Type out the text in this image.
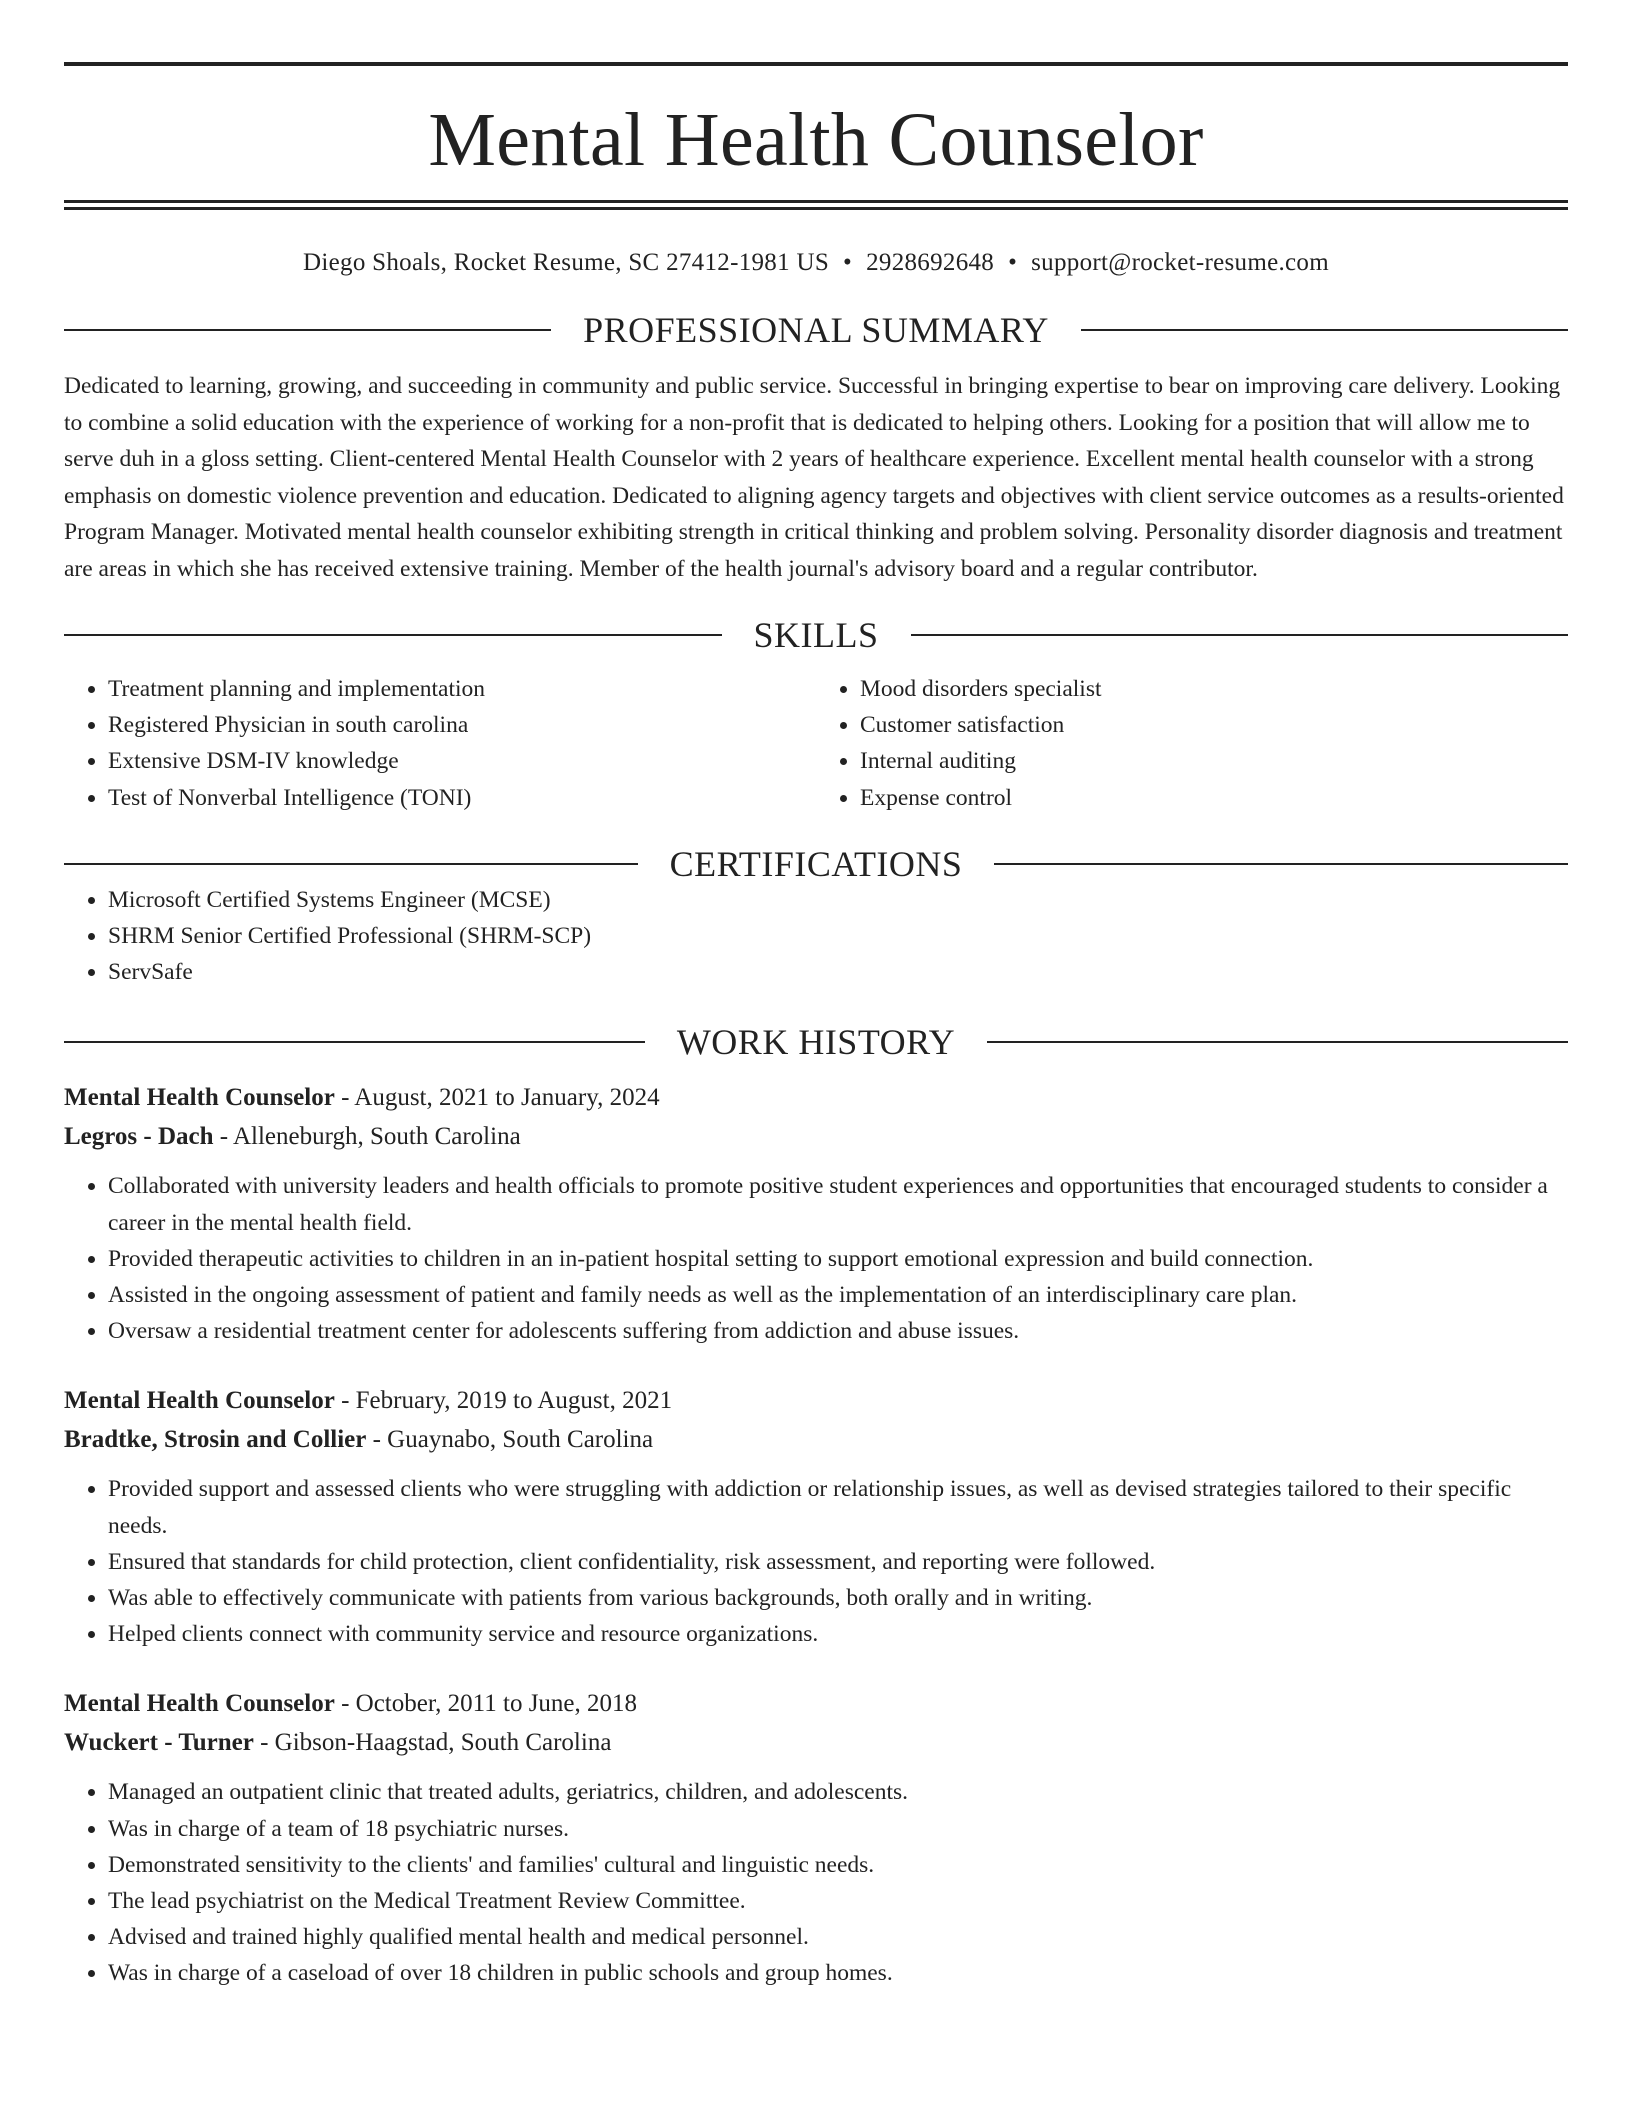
Mental Health Counselor
Diego Shoals, Rocket Resume, SC 27412-1981 US • 2928692648 • support@rocket-resume.com
PROFESSIONAL SUMMARY
Dedicated to learning, growing, and succeeding in community and public service. Successful in bringing expertise to bear on improving care delivery. Looking to combine a solid education with the experience of working for a non-profit that is dedicated to helping others. Looking for a position that will allow me to serve duh in a gloss setting. Client-centered Mental Health Counselor with 2 years of healthcare experience. Excellent mental health counselor with a strong emphasis on domestic violence prevention and education. Dedicated to aligning agency targets and objectives with client service outcomes as a results-oriented Program Manager. Motivated mental health counselor exhibiting strength in critical thinking and problem solving. Personality disorder diagnosis and treatment are areas in which she has received extensive training. Member of the health journal's advisory board and a regular contributor.
SKILLS
• Treatment planning and implementation
• Registered Physician in south carolina
• Extensive DSM-IV knowledge
• Test of Nonverbal Intelligence (TONI)
• Mood disorders specialist
• Customer satisfaction
• Internal auditing
• Expense control
CERTIFICATIONS
• Microsoft Certified Systems Engineer (MCSE)
• SHRM Senior Certified Professional (SHRM-SCP)
• ServSafe
WORK HISTORY
Mental Health Counselor - August, 2021 to January, 2024
Legros - Dach - Alleneburgh, South Carolina
• Collaborated with university leaders and health officials to promote positive student experiences and opportunities that encouraged students to consider a career in the mental health field.
• Provided therapeutic activities to children in an in-patient hospital setting to support emotional expression and build connection.
• Assisted in the ongoing assessment of patient and family needs as well as the implementation of an interdisciplinary care plan.
• Oversaw a residential treatment center for adolescents suffering from addiction and abuse issues.
Mental Health Counselor - February, 2019 to August, 2021
Bradtke, Strosin and Collier - Guaynabo, South Carolina
• Provided support and assessed clients who were struggling with addiction or relationship issues, as well as devised strategies tailored to their specific needs.
• Ensured that standards for child protection, client confidentiality, risk assessment, and reporting were followed.
• Was able to effectively communicate with patients from various backgrounds, both orally and in writing.
• Helped clients connect with community service and resource organizations.
Mental Health Counselor - October, 2011 to June, 2018
Wuckert - Turner - Gibson-Haagstad, South Carolina
• Managed an outpatient clinic that treated adults, geriatrics, children, and adolescents.
• Was in charge of a team of 18 psychiatric nurses.
• Demonstrated sensitivity to the clients' and families' cultural and linguistic needs.
• The lead psychiatrist on the Medical Treatment Review Committee.
• Advised and trained highly qualified mental health and medical personnel.
• Was in charge of a caseload of over 18 children in public schools and group homes.
